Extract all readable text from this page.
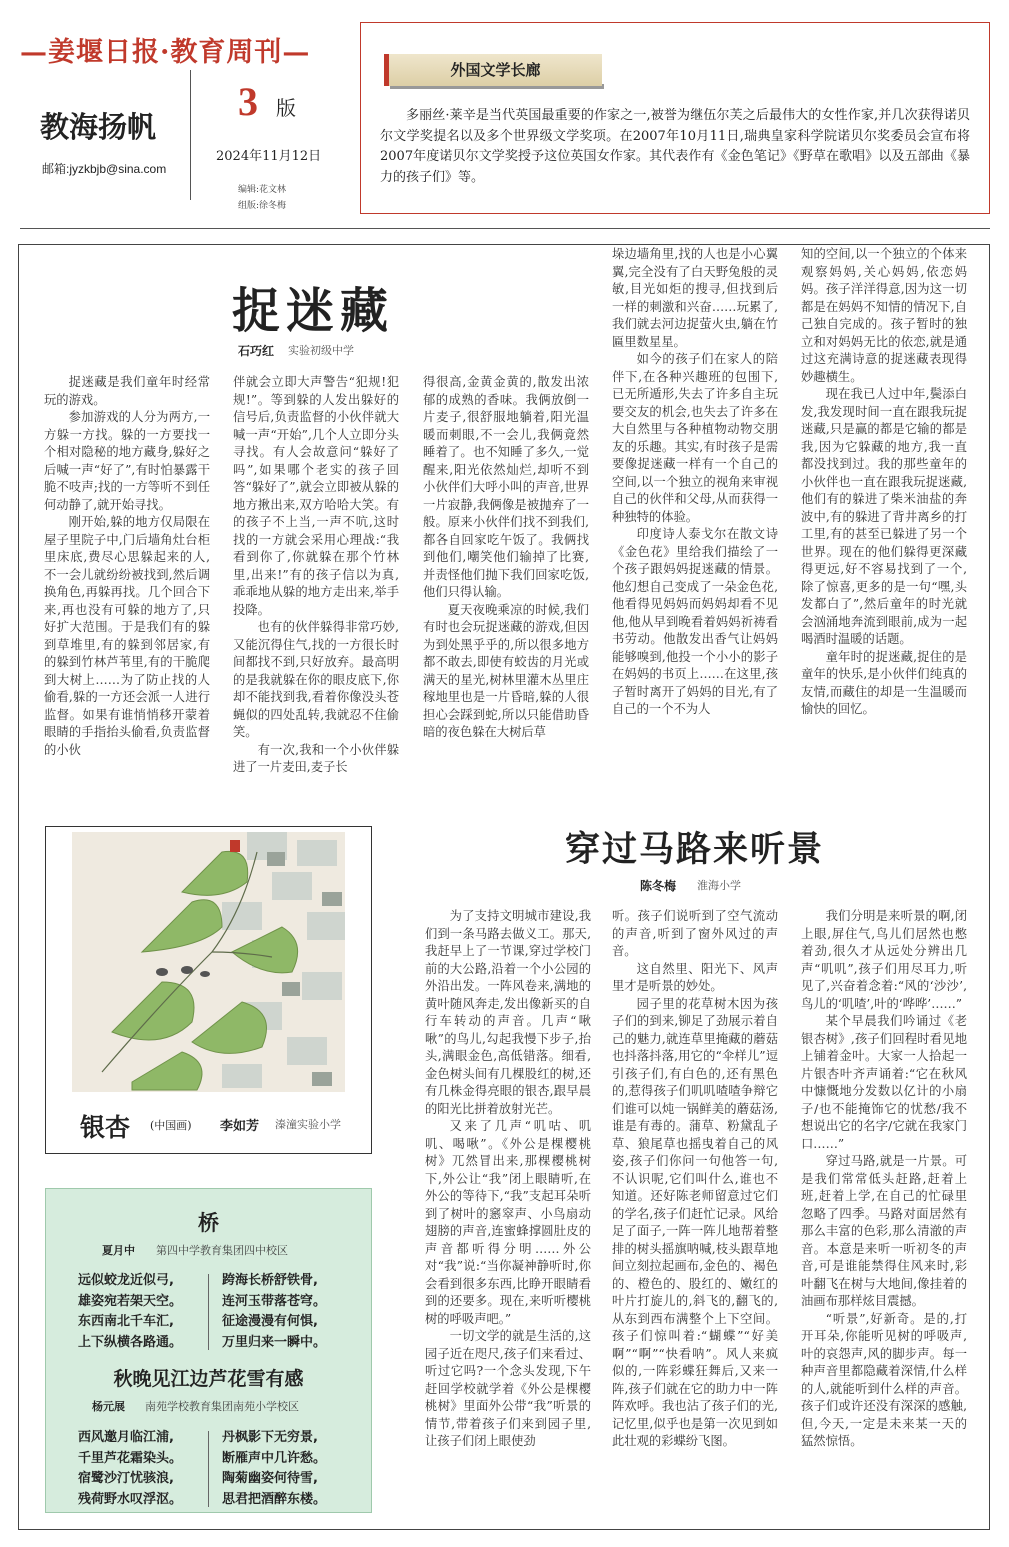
—姜堰日报·教育周刊—
教海扬帆
邮箱:jyzkbjb@sina.com
3 版
2024年11月12日
编辑:花文林
组版:徐冬梅
外国文学长廊
多丽丝·莱辛是当代英国最重要的作家之一,被誉为继伍尔芙之后最伟大的女性作家,并几次获得诺贝尔文学奖提名以及多个世界级文学奖项。在2007年10月11日,瑞典皇家科学院诺贝尔奖委员会宣布将2007年度诺贝尔文学奖授予这位英国女作家。其代表作有《金色笔记》《野草在歌唱》以及五部曲《暴力的孩子们》等。
捉迷藏
石巧红 实验初级中学

捉迷藏是我们童年时经常玩的游戏。

参加游戏的人分为两方,一方躲一方找。躲的一方要找一个相对隐秘的地方藏身,躲好之后喊一声“好了”,有时怕暴露干脆不吱声;找的一方等听不到任何动静了,就开始寻找。

刚开始,躲的地方仅局限在屋子里院子中,门后墙角灶台柜里床底,费尽心思躲起来的人,不一会儿就纷纷被找到,然后调换角色,再躲再找。几个回合下来,再也没有可躲的地方了,只好扩大范围。于是我们有的躲到草堆里,有的躲到邻居家,有的躲到竹林芦苇里,有的干脆爬到大树上……为了防止找的人偷看,躲的一方还会派一人进行监督。如果有谁悄悄移开蒙着眼睛的手指抬头偷看,负责监督的小伙

伴就会立即大声警告“犯规!犯规!”。等到躲的人发出躲好的信号后,负责监督的小伙伴就大喊一声“开始”,几个人立即分头寻找。有人会故意问“躲好了吗”,如果哪个老实的孩子回答“躲好了”,就会立即被从躲的地方揪出来,双方哈哈大笑。有的孩子不上当,一声不吭,这时找的一方就会采用心理战:“我看到你了,你就躲在那个竹林里,出来!”有的孩子信以为真,乖乖地从躲的地方走出来,举手投降。

也有的伙伴躲得非常巧妙,又能沉得住气,找的一方很长时间都找不到,只好放弃。最高明的是我就躲在你的眼皮底下,你却不能找到我,看着你像没头苍蝇似的四处乱转,我就忍不住偷笑。

有一次,我和一个小伙伴躲进了一片麦田,麦子长

得很高,金黄金黄的,散发出浓郁的成熟的香味。我俩放倒一片麦子,很舒服地躺着,阳光温暖而刺眼,不一会儿,我俩竟然睡着了。也不知睡了多久,一觉醒来,阳光依然灿烂,却听不到小伙伴们大呼小叫的声音,世界一片寂静,我俩像是被抛弃了一般。原来小伙伴们找不到我们,都各自回家吃午饭了。我俩找到他们,嘲笑他们输掉了比赛,并责怪他们抛下我们回家吃饭,他们只得认输。

夏天夜晚乘凉的时候,我们有时也会玩捉迷藏的游戏,但因为到处黑乎乎的,所以很多地方都不敢去,即使有蛟齿的月光或满天的星光,树林里灌木丛里庄稼地里也是一片昏暗,躲的人很担心会踩到蛇,所以只能借助昏暗的夜色躲在大树后草

垛边墙角里,找的人也是小心翼翼,完全没有了白天野兔般的灵敏,目光如炬的搜寻,但找到后一样的刺激和兴奋……玩累了,我们就去河边捉萤火虫,躺在竹匾里数星星。

如今的孩子们在家人的陪伴下,在各种兴趣班的包围下,已无所遁形,失去了许多自主玩要交友的机会,也失去了许多在大自然里与各种植物动物交朋友的乐趣。其实,有时孩子是需要像捉迷藏一样有一个自己的空间,以一个独立的视角来审视自己的伙伴和父母,从而获得一种独特的体验。

印度诗人泰戈尔在散文诗《金色花》里给我们描绘了一个孩子跟妈妈捉迷藏的情景。他幻想自己变成了一朵金色花,他看得见妈妈而妈妈却看不见他,他从早到晚看着妈妈祈祷看书劳动。他散发出香气让妈妈能够嗅到,他投一个小小的影子在妈妈的书页上……在这里,孩子暂时离开了妈妈的目光,有了自己的一个不为人

知的空间,以一个独立的个体来观察妈妈,关心妈妈,依恋妈妈。孩子洋洋得意,因为这一切都是在妈妈不知情的情况下,自己独自完成的。孩子暂时的独立和对妈妈无比的依恋,就是通过这充满诗意的捉迷藏表现得妙趣横生。

现在我已人过中年,鬓添白发,我发现时间一直在跟我玩捉迷藏,只是赢的都是它输的都是我,因为它躲藏的地方,我一直都没找到过。我的那些童年的小伙伴也一直在跟我玩捉迷藏,他们有的躲进了柴米油盐的奔波中,有的躲进了背井离乡的打工里,有的甚至已躲进了另一个世界。现在的他们躲得更深藏得更远,好不容易找到了一个,除了惊喜,更多的是一句“嘿,头发都白了”,然后童年的时光就会汹涌地奔流到眼前,成为一起喝酒时温暖的话题。

童年时的捉迷藏,捉住的是童年的快乐,是小伙伴们纯真的友情,而藏住的却是一生温暖而愉快的回忆。

银杏 (中国画) 李如芳 溱潼实验小学
穿过马路来听景
陈冬梅 淮海小学

为了支持文明城市建设,我们到一条马路去做义工。那天,我赶早上了一节课,穿过学校门前的大公路,沿着一个小公园的外沿出发。一阵风卷来,满地的黄叶随风奔走,发出像新买的自行车转动的声音。几声“啾啾”的鸟儿,勾起我慢下步子,抬头,满眼金色,高低错落。细看,金色树头间有几棵股红的树,还有几株金得亮眼的银杏,跟早晨的阳光比拼着放射光芒。

又来了几声“叽咕、叽叽、喝啾”。《外公是棵樱桃树》兀然冒出来,那棵樱桃树下,外公让“我”闭上眼睛听,在外公的等待下,“我”支起耳朵听到了树叶的窸窣声、小鸟扇动翅膀的声音,连蜜蜂撑圆肚皮的声音都听得分明……外公对“我”说:“当你凝神静听时,你会看到很多东西,比睁开眼睛看到的还要多。现在,来听听樱桃树的呼吸声吧。”

一切文学的就是生活的,这园子近在咫尺,孩子们来看过、听过它吗?一个念头发现,下午赶回学校就学着《外公是棵樱桃树》里面外公带“我”听景的情节,带着孩子们来到园子里,让孩子们闭上眼使劲

听。孩子们说听到了空气流动的声音,听到了窗外风过的声音。

这自然里、阳光下、风声里才是听景的妙处。

园子里的花草树木因为孩子们的到来,铆足了劲展示着自己的魅力,就连草里掩藏的蘑菇也抖落抖落,用它的“伞样儿”逗引孩子们,有白色的,还有黑色的,惹得孩子们叽叽喳喳争辩它们谁可以炖一锅鲜美的蘑菇汤,谁是有毒的。蒲草、粉黛乱子草、狼尾草也摇曳着自己的风姿,孩子们你问一句他答一句,不认识呢,它们叫什么,谁也不知道。还好陈老师留意过它们的学名,孩子们赶忙记录。风给足了面子,一阵一阵儿地帮着整排的树头摇旗呐喊,枝头跟草地间立刻拉起画布,金色的、褐色的、橙色的、股红的、嫩红的叶片打旋儿的,斜飞的,翻飞的,从东到西布满整个上下空间。孩子们惊叫着:“蝴蝶”“好美啊”“啊”“快看呐”。风人来疯似的,一阵彩蝶狂舞后,又来一阵,孩子们就在它的助力中一阵阵欢呼。我也沾了孩子们的光,记忆里,似乎也是第一次见到如此壮观的彩蝶纷飞图。

我们分明是来听景的啊,闭上眼,屏住气,鸟儿们居然也憋着劲,很久才从远处分辨出几声“叽叽”,孩子们用尽耳力,听见了,兴奋着念着:“风的‘沙沙’,鸟儿的‘叽喳’,叶的‘哗哗’……”

某个早晨我们吟诵过《老银杏树》,孩子们回程时看见地上铺着金叶。大家一人拾起一片银杏叶齐声诵着:“它在秋风中慷慨地分发数以亿计的小扇子/也不能掩饰它的忧愁/我不想说出它的名字/它就在我家门口……”

穿过马路,就是一片景。可是我们常常低头赶路,赶着上班,赶着上学,在自己的忙碌里忽略了四季。马路对面居然有那么丰富的色彩,那么清澈的声音。本意是来听一听初冬的声音,可是谁能禁得住风来时,彩叶翻飞在树与大地间,像挂着的油画布那样炫目震撼。

“听景”,好新奇。是的,打开耳朵,你能听见树的呼吸声,叶的哀怨声,风的脚步声。每一种声音里都隐藏着深情,什么样的人,就能听到什么样的声音。孩子们或许还没有深深的感触,但,今天,一定是未来某一天的猛然惊悟。

桥
夏月中 第四中学教育集团四中校区
远似蛟龙近似弓,
雄姿宛若架天空。
东西南北千车汇,
上下纵横各路通。
跨海长桥舒铁骨,
连河玉带落苍穹。
征途漫漫有何惧,
万里归来一瞬中。
秋晚见江边芦花雪有感
杨元展 南苑学校教育集团南苑小学校区
西风邀月临江浦,
千里芦花霜染头。
宿鹭沙汀忧骇浪,
残荷野水叹浮沤。
丹枫影下无穷景,
断雁声中几许愁。
陶菊幽姿何待雪,
思君把酒醉东楼。
